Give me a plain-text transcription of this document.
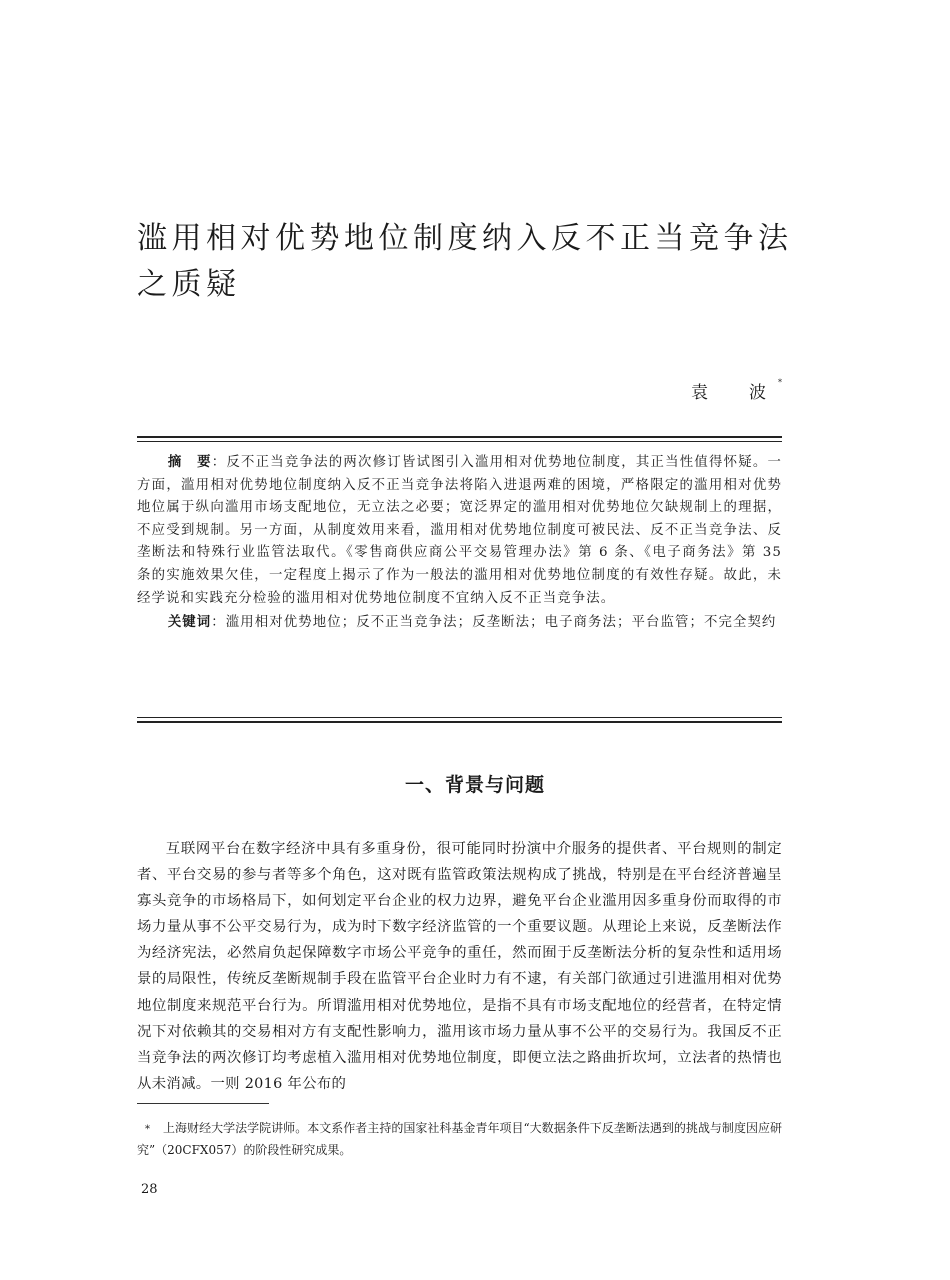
滥用相对优势地位制度纳入反不正当竞争法之质疑
袁　波*

摘　要：反不正当竞争法的两次修订皆试图引入滥用相对优势地位制度，其正当性值得怀疑。一方面，滥用相对优势地位制度纳入反不正当竞争法将陷入进退两难的困境，严格限定的滥用相对优势地位属于纵向滥用市场支配地位，无立法之必要；宽泛界定的滥用相对优势地位欠缺规制上的理据，不应受到规制。另一方面，从制度效用来看，滥用相对优势地位制度可被民法、反不正当竞争法、反垄断法和特殊行业监管法取代。《零售商供应商公平交易管理办法》第 6 条、《电子商务法》第 35 条的实施效果欠佳，一定程度上揭示了作为一般法的滥用相对优势地位制度的有效性存疑。故此，未经学说和实践充分检验的滥用相对优势地位制度不宜纳入反不正当竞争法。

关键词：滥用相对优势地位；反不正当竞争法；反垄断法；电子商务法；平台监管；不完全契约

一、背景与问题

互联网平台在数字经济中具有多重身份，很可能同时扮演中介服务的提供者、平台规则的制定者、平台交易的参与者等多个角色，这对既有监管政策法规构成了挑战，特别是在平台经济普遍呈寡头竞争的市场格局下，如何划定平台企业的权力边界，避免平台企业滥用因多重身份而取得的市场力量从事不公平交易行为，成为时下数字经济监管的一个重要议题。从理论上来说，反垄断法作为经济宪法，必然肩负起保障数字市场公平竞争的重任，然而囿于反垄断法分析的复杂性和适用场景的局限性，传统反垄断规制手段在监管平台企业时力有不逮，有关部门欲通过引进滥用相对优势地位制度来规范平台行为。所谓滥用相对优势地位，是指不具有市场支配地位的经营者，在特定情况下对依赖其的交易相对方有支配性影响力，滥用该市场力量从事不公平的交易行为。我国反不正当竞争法的两次修订均考虑植入滥用相对优势地位制度，即便立法之路曲折坎坷，立法者的热情也从未消减。一则 2016 年公布的

* 上海财经大学法学院讲师。本文系作者主持的国家社科基金青年项目“大数据条件下反垄断法遇到的挑战与制度因应研究”（20CFX057）的阶段性研究成果。
28
